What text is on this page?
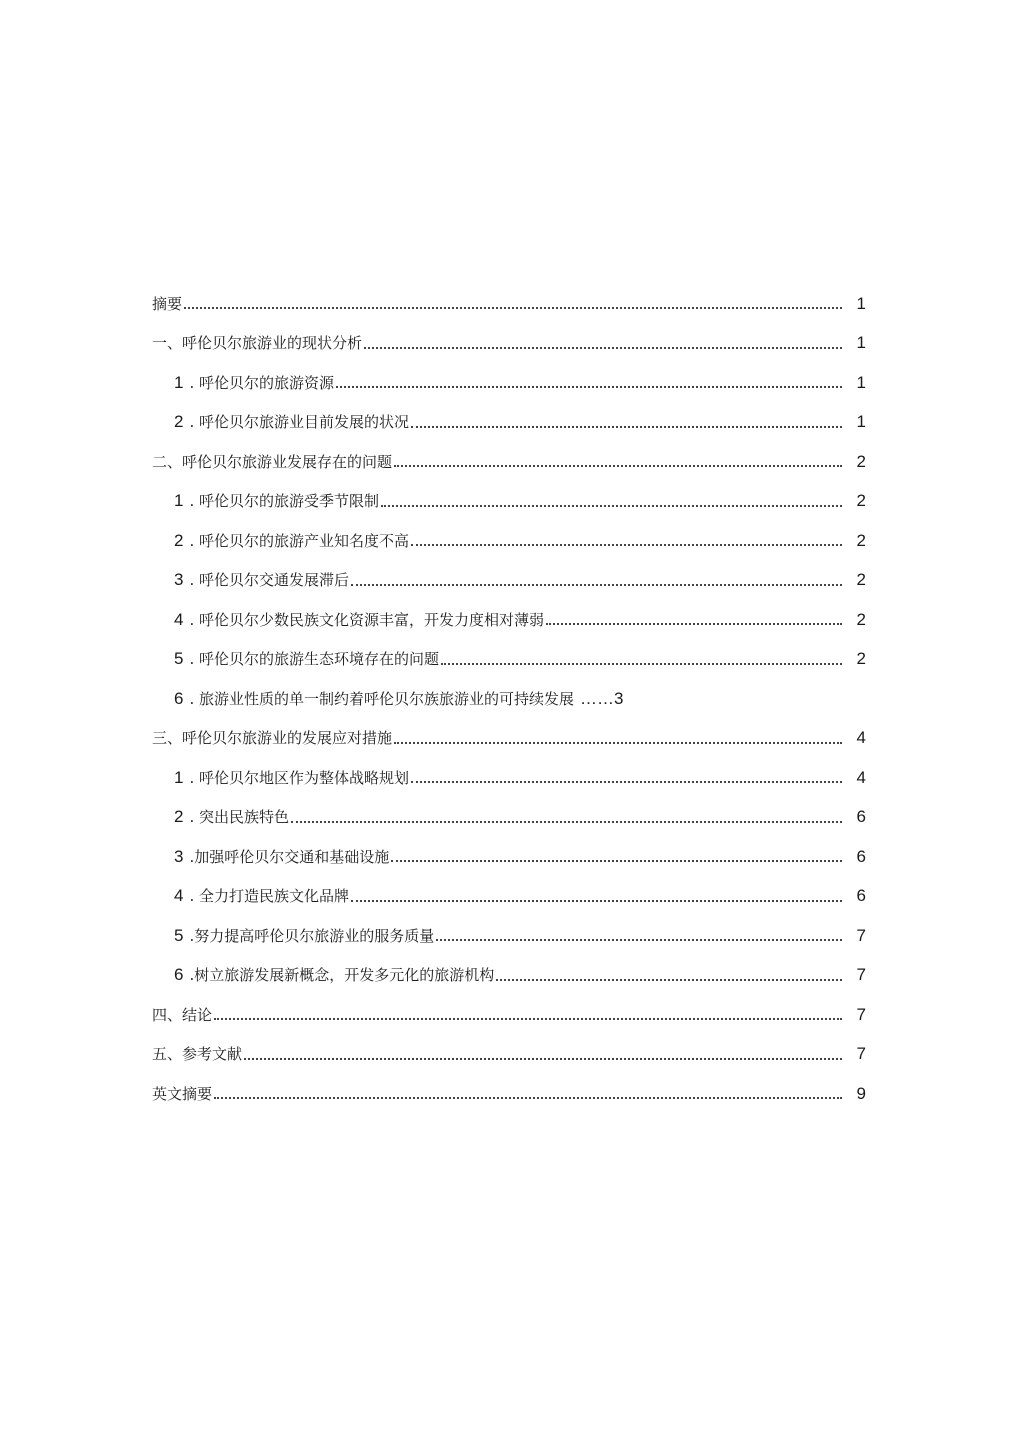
摘要	1
一、呼伦贝尔旅游业的现状分析	1
1 . 呼伦贝尔的旅游资源	1
2 . 呼伦贝尔旅游业目前发展的状况	1
二、呼伦贝尔旅游业发展存在的问题	2
1 . 呼伦贝尔的旅游受季节限制	2
2 . 呼伦贝尔的旅游产业知名度不高	2
3 . 呼伦贝尔交通发展滞后	2
4 . 呼伦贝尔少数民族文化资源丰富，开发力度相对薄弱	2
5 . 呼伦贝尔的旅游生态环境存在的问题	2
6 . 旅游业性质的单一制约着呼伦贝尔族旅游业的可持续发展 ……3
三、呼伦贝尔旅游业的发展应对措施	4
1 . 呼伦贝尔地区作为整体战略规划	4
2 . 突出民族特色	6
3 .加强呼伦贝尔交通和基础设施	6
4 . 全力打造民族文化品牌	6
5 .努力提高呼伦贝尔旅游业的服务质量	7
6 .树立旅游发展新概念，开发多元化的旅游机构	7
四、结论	7
五、参考文献	7
英文摘要	9
